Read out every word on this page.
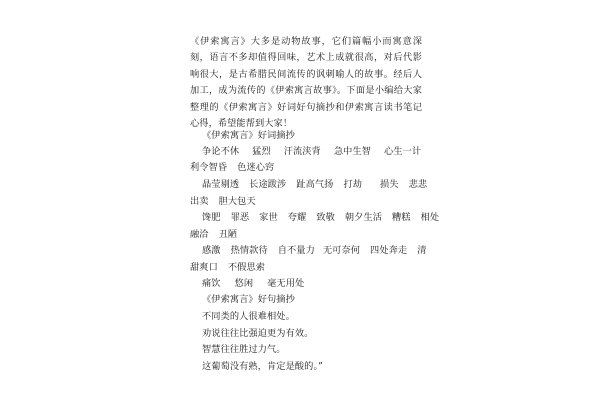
《伊索寓言》大多是动物故事，它们篇幅小而寓意深刻，语言不多却值得回味，艺术上成就很高，对后代影响很大，是古希腊民间流传的讽刺喻人的故事。经后人加工，成为流传的《伊索寓言故事》。下面是小编给大家整理的《伊索寓言》好词好句摘抄和伊索寓言读书笔记心得，希望能帮到大家！

《伊索寓言》好词摘抄
争论不休 猛烈 汗流浃背 急中生智 心生一计
利令智昏 色迷心窍
晶莹剔透 长途跋涉 趾高气扬 打劫 损失 悲悲
出卖 胆大包天
馋肥 罪恶 家世 夸耀 致敬 朝夕生活 糟糕 相处
融洽 丑陋
感激 热情款待 自不量力 无可奈何 四处奔走 清
甜爽口 不假思索
痛饮 悠闲 毫无用处
《伊索寓言》好句摘抄
不同类的人很难相处。
劝说往往比强迫更为有效。
智慧往往胜过力气。
这葡萄没有熟，肯定是酸的。”
